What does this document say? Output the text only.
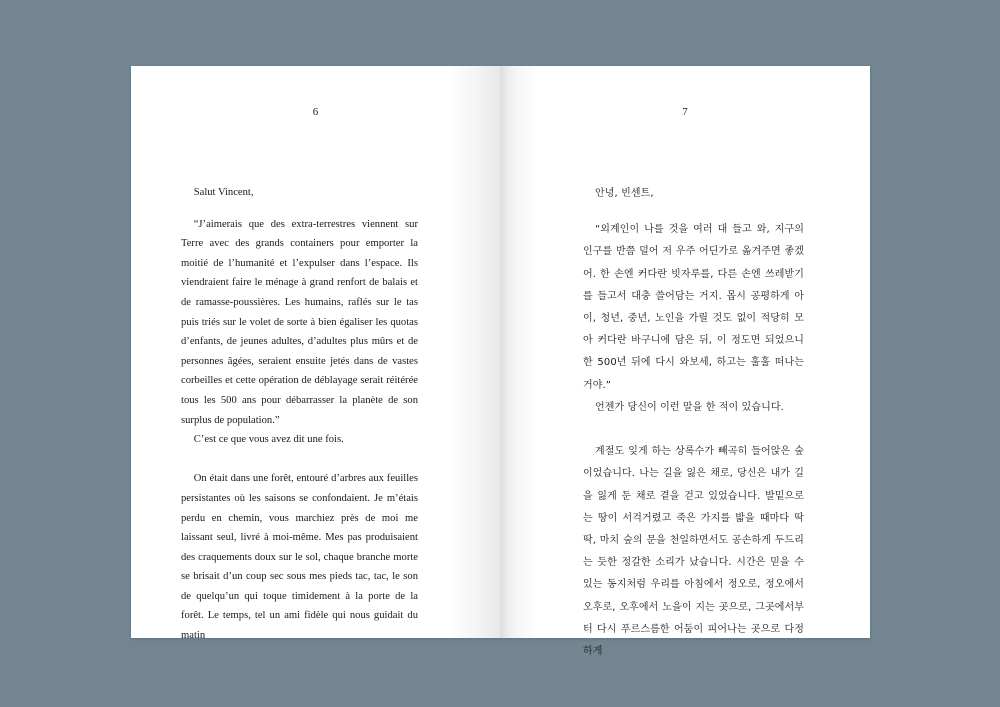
6

Salut Vincent,

“J’aimerais que des extra-terrestres viennent sur Terre avec des grands containers pour emporter la moitié de l’humanité et l’expulser dans l’espace. Ils viendraient faire le ménage à grand renfort de balais et de ramasse-poussières. Les humains, raflés sur le tas puis triés sur le volet de sorte à bien égaliser les quotas d’enfants, de jeunes adultes, d’adultes plus mûrs et de personnes âgées, seraient ensuite jetés dans de vastes corbeilles et cette opération de déblayage serait réitérée tous les 500 ans pour débarrasser la planète de son surplus de population.”

C’est ce que vous avez dit une fois.

On était dans une forêt, entouré d’arbres aux feuilles persistantes où les saisons se confondaient. Je m’étais perdu en chemin, vous marchiez près de moi me laissant seul, livré à moi-même. Mes pas produisaient des craquements doux sur le sol, chaque branche morte se brisait d’un coup sec sous mes pieds tac, tac, le son de quelqu’un qui toque timidement à la porte de la forêt. Le temps, tel un ami fidèle qui nous guidait du matin

7

안녕, 빈센트,

“외계인이 나를 것을 여러 대 들고 와, 지구의 인구를 반쯤 덜어 저 우주 어딘가로 옮겨주면 좋겠어. 한 손엔 커다란 빗자루를, 다른 손엔 쓰레받기를 들고서 대충 쓸어담는 거지. 몹시 공평하게 아이, 청년, 중년, 노인을 가릴 것도 없이 적당히 모아 커다란 바구니에 담은 뒤, 이 정도면 되었으니 한 500년 뒤에 다시 와보세, 하고는 훌훌 떠나는 거야.”

언젠가 당신이 이런 말을 한 적이 있습니다.

계절도 잊게 하는 상록수가 빼곡히 들어앉은 숲이었습니다. 나는 길을 잃은 채로, 당신은 내가 길을 잃게 둔 채로 곁을 걷고 있었습니다. 발밑으로는 땅이 서걱거렸고 죽은 가지를 밟을 때마다 딱딱, 마치 숲의 문을 천일하면서도 공손하게 두드리는 듯한 정갈한 소리가 났습니다. 시간은 믿을 수 있는 동지처럼 우리를 아침에서 정오로, 정오에서 오후로, 오후에서 노을이 지는 곳으로, 그곳에서부터 다시 푸르스름한 어둠이 피어나는 곳으로 다정하게
